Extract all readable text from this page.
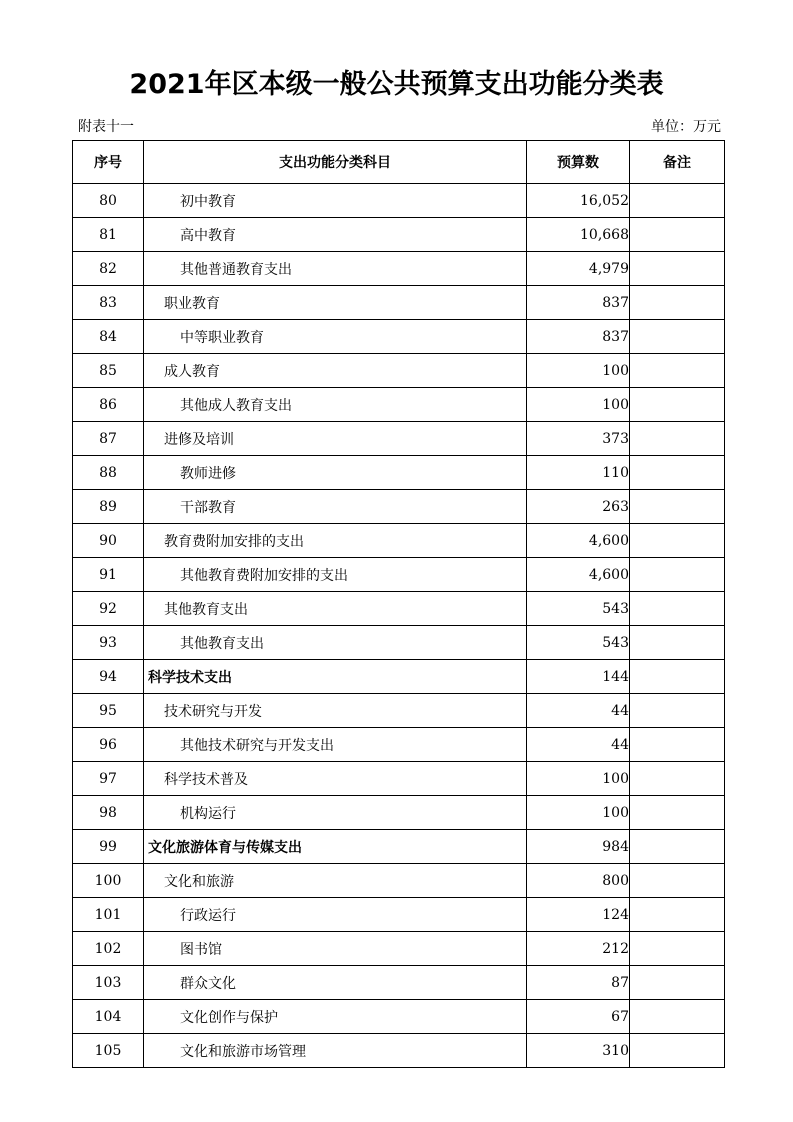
2021年区本级一般公共预算支出功能分类表
附表十一	单位：万元
序号	支出功能分类科目	预算数	备注
80	初中教育	16,052	
81	高中教育	10,668	
82	其他普通教育支出	4,979	
83	职业教育	837	
84	中等职业教育	837	
85	成人教育	100	
86	其他成人教育支出	100	
87	进修及培训	373	
88	教师进修	110	
89	干部教育	263	
90	教育费附加安排的支出	4,600	
91	其他教育费附加安排的支出	4,600	
92	其他教育支出	543	
93	其他教育支出	543	
94	科学技术支出	144	
95	技术研究与开发	44	
96	其他技术研究与开发支出	44	
97	科学技术普及	100	
98	机构运行	100	
99	文化旅游体育与传媒支出	984	
100	文化和旅游	800	
101	行政运行	124	
102	图书馆	212	
103	群众文化	87	
104	文化创作与保护	67	
105	文化和旅游市场管理	310	
